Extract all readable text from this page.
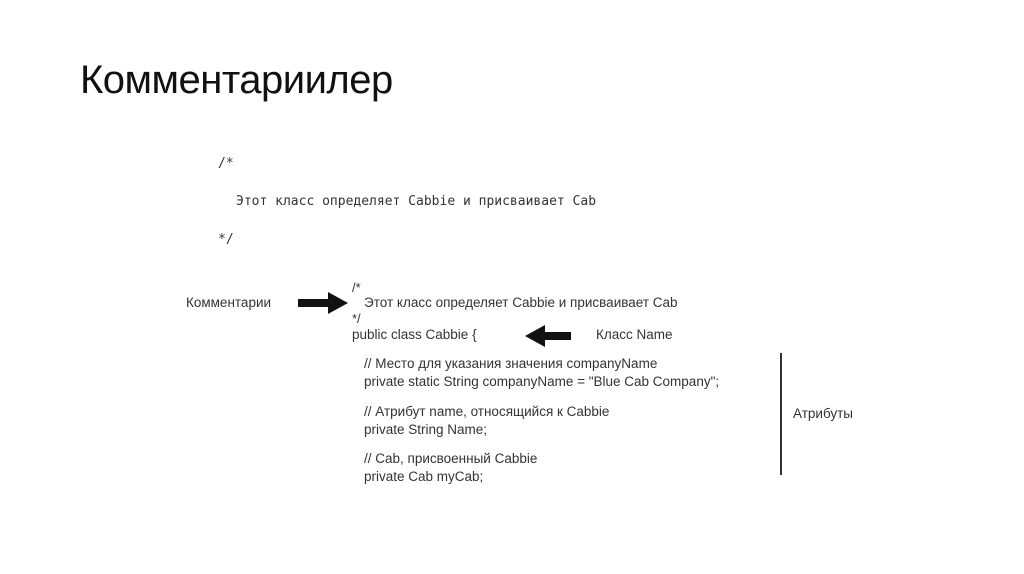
Комментариилер
/*
Этот класс определяет Cabbie и присваивает Cab
*/
Комментарии
/*
Этот класс определяет Cabbie и присваивает Cab
*/
public class Cabbie {	Класс Name
// Место для указания значения companyName
private static String companyName = "Blue Cab Company";
// Атрибут name, относящийся к Cabbie
private String Name;
// Cab, присвоенный Cabbie
private Cab myCab;
Атрибуты
